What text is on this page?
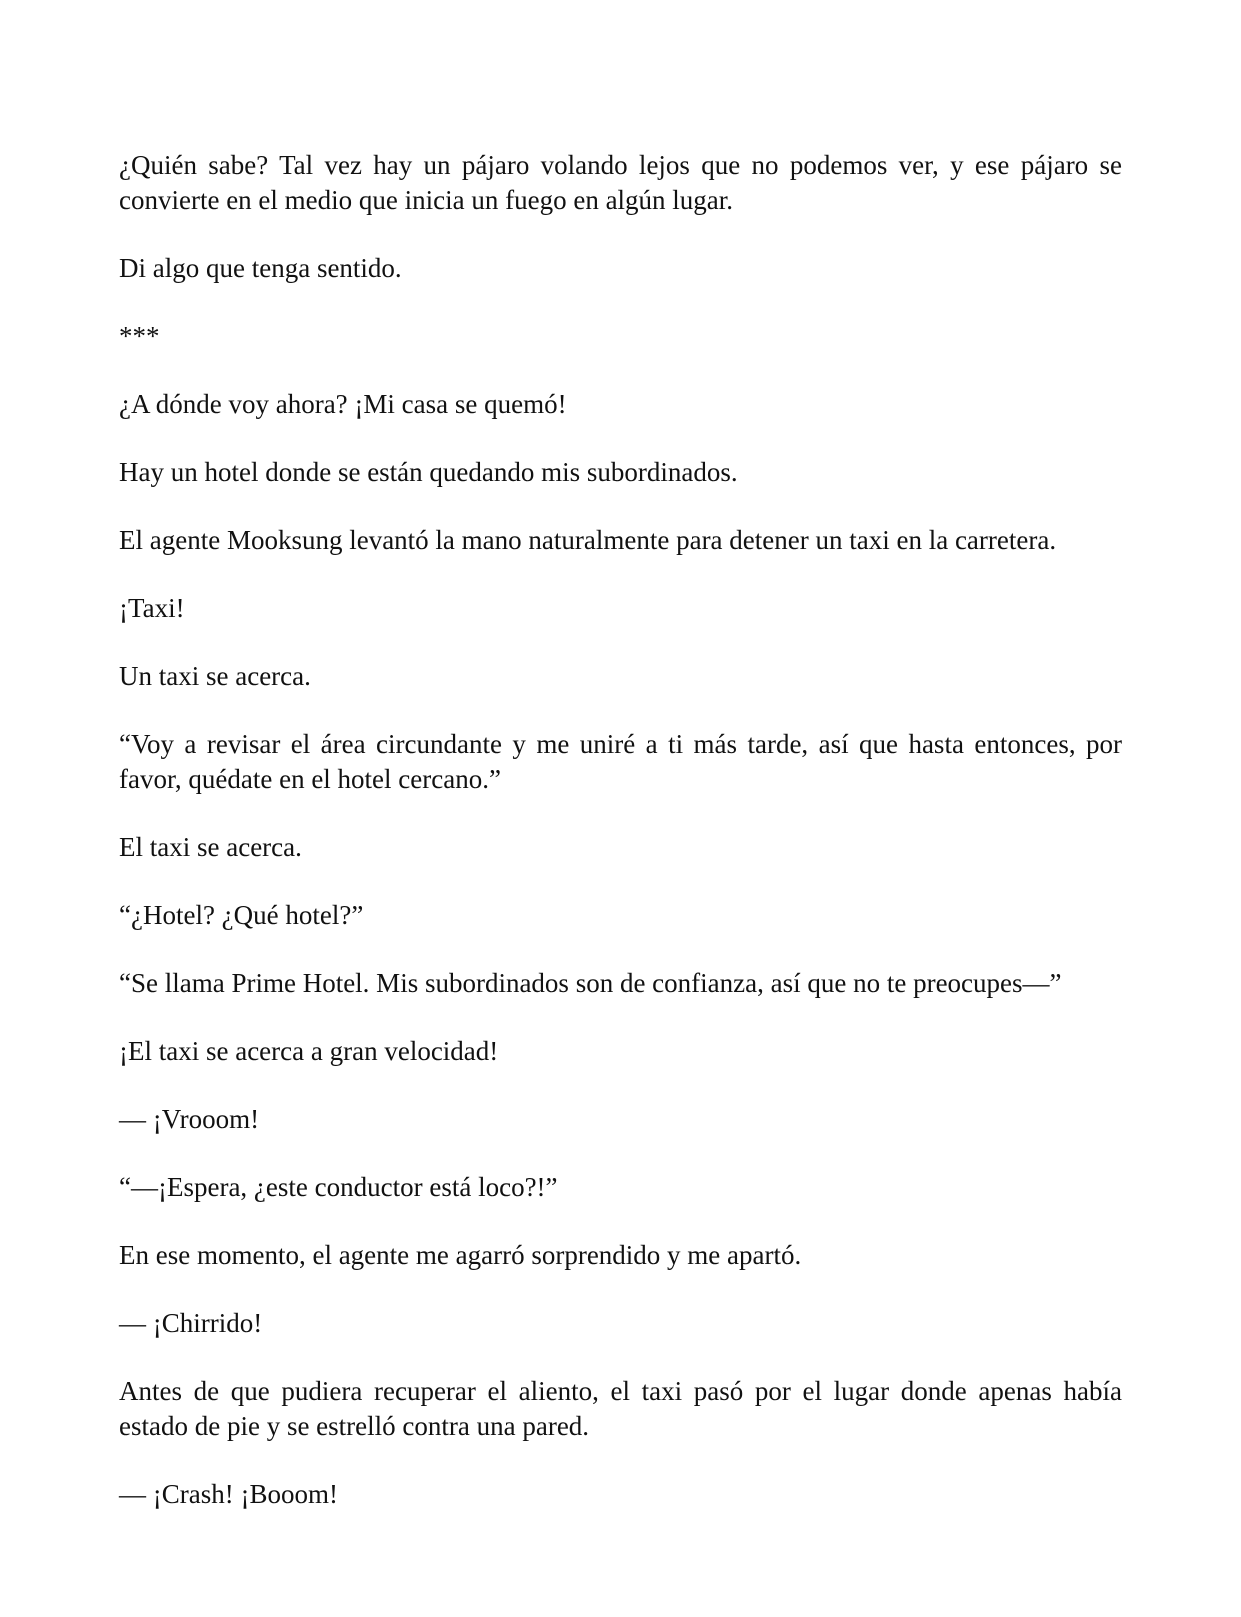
¿Quién sabe? Tal vez hay un pájaro volando lejos que no podemos ver, y ese pájaro se convierte en el medio que inicia un fuego en algún lugar.

Di algo que tenga sentido.

***

¿A dónde voy ahora? ¡Mi casa se quemó!

Hay un hotel donde se están quedando mis subordinados.

El agente Mooksung levantó la mano naturalmente para detener un taxi en la carretera.

¡Taxi!

Un taxi se acerca.

“Voy a revisar el área circundante y me uniré a ti más tarde, así que hasta entonces, por favor, quédate en el hotel cercano.”

El taxi se acerca.

“¿Hotel? ¿Qué hotel?”

“Se llama Prime Hotel. Mis subordinados son de confianza, así que no te preocupes—”

¡El taxi se acerca a gran velocidad!

— ¡Vrooom!

“—¡Espera, ¿este conductor está loco?!”

En ese momento, el agente me agarró sorprendido y me apartó.

— ¡Chirrido!

Antes de que pudiera recuperar el aliento, el taxi pasó por el lugar donde apenas había estado de pie y se estrelló contra una pared.

— ¡Crash! ¡Booom!
